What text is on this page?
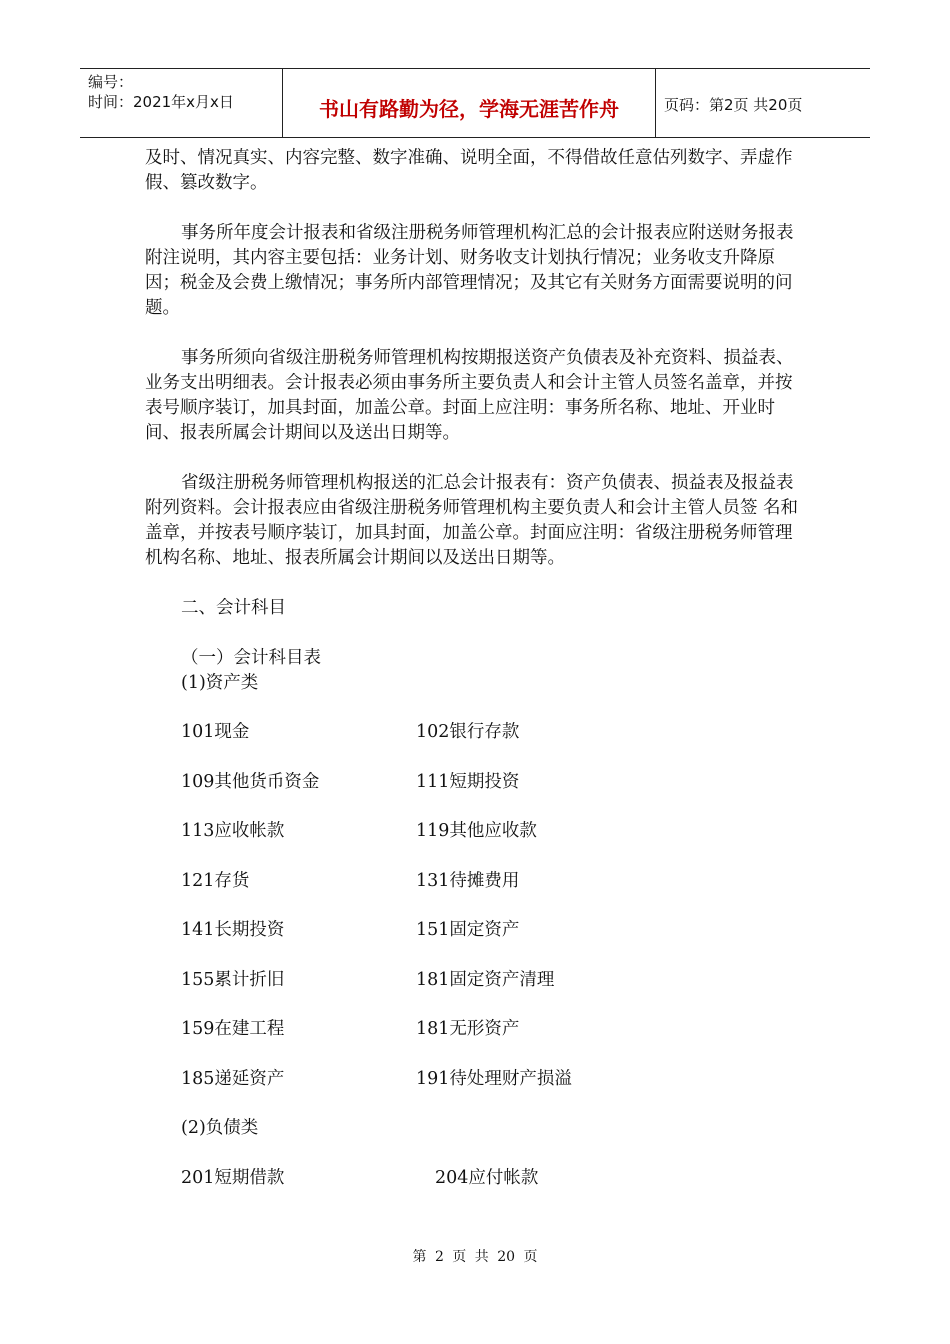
编号：
时间：2021年x月x日	书山有路勤为径，学海无涯苦作舟	页码：第2页 共20页

及时、情况真实、内容完整、数字准确、说明全面，不得借故任意估列数字、弄虚作假、篡改数字。

事务所年度会计报表和省级注册税务师管理机构汇总的会计报表应附送财务报表附注说明，其内容主要包括：业务计划、财务收支计划执行情况；业务收支升降原因；税金及会费上缴情况；事务所内部管理情况；及其它有关财务方面需要说明的问题。

事务所须向省级注册税务师管理机构按期报送资产负债表及补充资料、损益表、业务支出明细表。会计报表必须由事务所主要负责人和会计主管人员签名盖章，并按表号顺序装订，加具封面，加盖公章。封面上应注明：事务所名称、地址、开业时间、报表所属会计期间以及送出日期等。

省级注册税务师管理机构报送的汇总会计报表有：资产负债表、损益表及报益表附列资料。会计报表应由省级注册税务师管理机构主要负责人和会计主管人员签 名和盖章，并按表号顺序装订，加具封面，加盖公章。封面应注明：省级注册税务师管理机构名称、地址、报表所属会计期间以及送出日期等。

二、会计科目

（一）会计科目表

(1)资产类

101现金	102银行存款
109其他货币资金	111短期投资
113应收帐款	119其他应收款
121存货	131待摊费用
141长期投资	151固定资产
155累计折旧	181固定资产清理
159在建工程	181无形资产
185递延资产	191待处理财产损溢

(2)负债类

201短期借款	204应付帐款
第 2 页 共 20 页
